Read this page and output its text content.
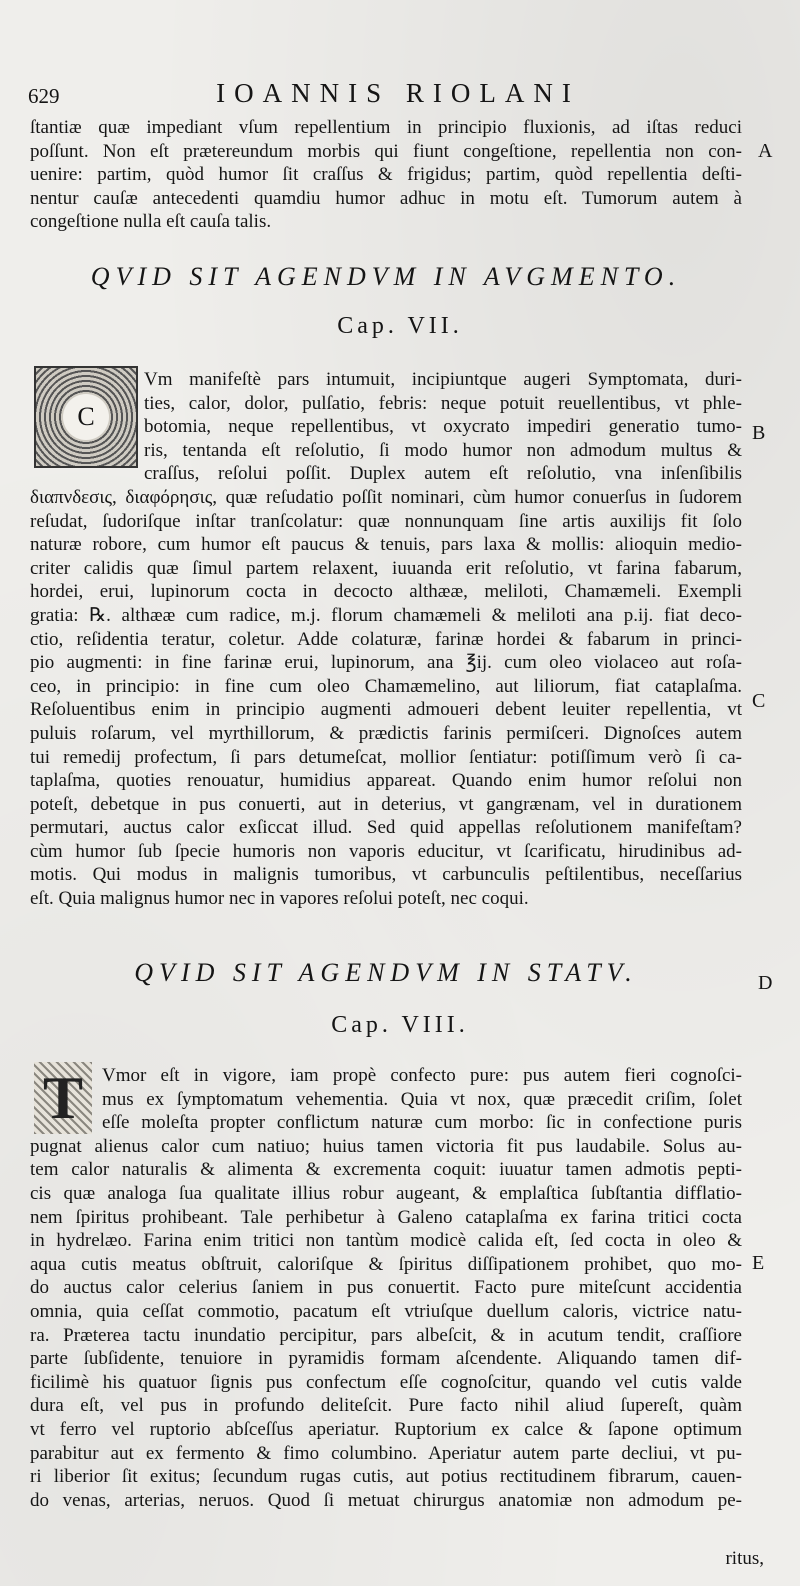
629	IOANNIS RIOLANI
ſtantiæ quæ impediant vſum repellentium in principio fluxionis, ad iſtas reduci
poſſunt. Non eſt prætereundum morbis qui fiunt congeſtione, repellentia non con-
uenire: partim, quòd humor ſit craſſus & frigidus; partim, quòd repellentia deſti-
nentur cauſæ antecedenti quamdiu humor adhuc in motu eſt. Tumorum autem à
congeſtione nulla eſt cauſa talis.
QVID SIT AGENDVM IN AVGMENTO.
Cap. VII.
C
Vm manifeſtè pars intumuit, incipiuntque augeri Symptomata, duri-
ties, calor, dolor, pulſatio, febris: neque potuit reuellentibus, vt phle-
botomia, neque repellentibus, vt oxycrato impediri generatio tumo-
ris, tentanda eſt reſolutio, ſi modo humor non admodum multus &
craſſus, reſolui poſſit. Duplex autem eſt reſolutio, vna inſenſibilis
διαπνδεσις, διαφόρησις, quæ reſudatio poſſit nominari, cùm humor conuerſus in ſudorem
reſudat, ſudoriſque inſtar tranſcolatur: quæ nonnunquam ſine artis auxilijs fit ſolo
naturæ robore, cum humor eſt paucus & tenuis, pars laxa & mollis: alioquin medio-
criter calidis quæ ſimul partem relaxent, iuuanda erit reſolutio, vt farina fabarum,
hordei, erui, lupinorum cocta in decocto althææ, meliloti, Chamæmeli. Exempli
gratia: ℞. althææ cum radice, m.j. florum chamæmeli & meliloti ana p.ij. fiat deco-
ctio, reſidentia teratur, coletur. Adde colaturæ, farinæ hordei & fabarum in princi-
pio augmenti: in fine farinæ erui, lupinorum, ana ℥ij. cum oleo violaceo aut roſa-
ceo, in principio: in fine cum oleo Chamæmelino, aut liliorum, fiat cataplaſma.
Reſoluentibus enim in principio augmenti admoueri debent leuiter repellentia, vt
puluis roſarum, vel myrthillorum, & prædictis farinis permiſceri. Dignoſces autem
tui remedij profectum, ſi pars detumeſcat, mollior ſentiatur: potiſſimum verò ſi ca-
taplaſma, quoties renouatur, humidius appareat. Quando enim humor reſolui non
poteſt, debetque in pus conuerti, aut in deterius, vt gangrænam, vel in durationem
permutari, auctus calor exſiccat illud. Sed quid appellas reſolutionem manifeſtam?
cùm humor ſub ſpecie humoris non vaporis educitur, vt ſcarificatu, hirudinibus ad-
motis. Qui modus in malignis tumoribus, vt carbunculis peſtilentibus, neceſſarius
eſt. Quia malignus humor nec in vapores reſolui poteſt, nec coqui.
QVID SIT AGENDVM IN STATV.
Cap. VIII.
T Vmor eſt in vigore, iam propè confecto pure: pus autem fieri cognoſci-
mus ex ſymptomatum vehementia. Quia vt nox, quæ præcedit criſim, ſolet
eſſe moleſta propter conflictum naturæ cum morbo: ſic in confectione puris
pugnat alienus calor cum natiuo; huius tamen victoria fit pus laudabile. Solus au-
tem calor naturalis & alimenta & excrementa coquit: iuuatur tamen admotis pepti-
cis quæ analoga ſua qualitate illius robur augeant, & emplaſtica ſubſtantia difflatio-
nem ſpiritus prohibeant. Tale perhibetur à Galeno cataplaſma ex farina tritici cocta
in hydrelæo. Farina enim tritici non tantùm modicè calida eſt, ſed cocta in oleo &
aqua cutis meatus obſtruit, caloriſque & ſpiritus diſſipationem prohibet, quo mo-
do auctus calor celerius ſaniem in pus conuertit. Facto pure miteſcunt accidentia
omnia, quia ceſſat commotio, pacatum eſt vtriuſque duellum caloris, victrice natu-
ra. Præterea tactu inundatio percipitur, pars albeſcit, & in acutum tendit, craſſiore
parte ſubſidente, tenuiore in pyramidis formam aſcendente. Aliquando tamen dif-
ficilimè his quatuor ſignis pus confectum eſſe cognoſcitur, quando vel cutis valde
dura eſt, vel pus in profundo deliteſcit. Pure facto nihil aliud ſupereſt, quàm
vt ferro vel ruptorio abſceſſus aperiatur. Ruptorium ex calce & ſapone optimum
parabitur aut ex fermento & fimo columbino. Aperiatur autem parte decliui, vt pu-
ri liberior ſit exitus; ſecundum rugas cutis, aut potius rectitudinem fibrarum, cauen-
do venas, arterias, neruos. Quod ſi metuat chirurgus anatomiæ non admodum pe-
ritus,
A
B
C
D
E
